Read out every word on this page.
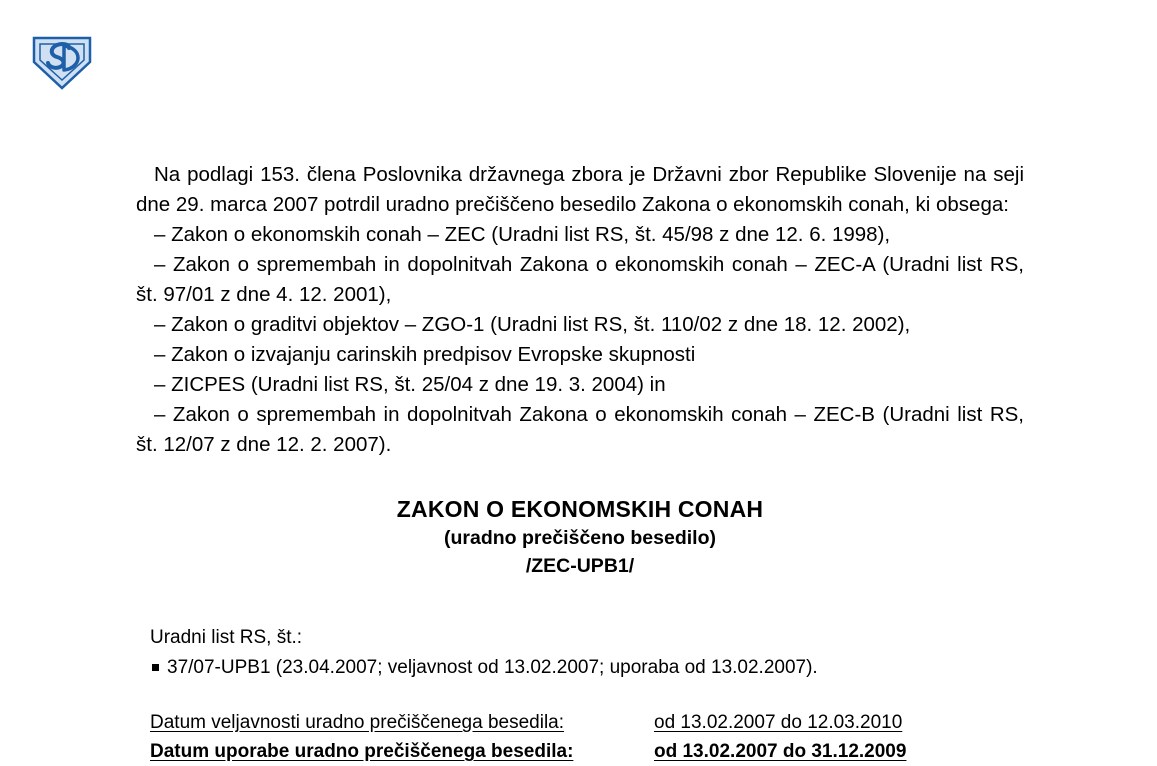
Na podlagi 153. člena Poslovnika državnega zbora je Državni zbor Republike Slovenije na seji dne 29. marca 2007 potrdil uradno prečiščeno besedilo Zakona o ekonomskih conah, ki obsega:

– Zakon o ekonomskih conah – ZEC (Uradni list RS, št. 45/98 z dne 12. 6. 1998),

– Zakon o spremembah in dopolnitvah Zakona o ekonomskih conah – ZEC-A (Uradni list RS, št. 97/01 z dne 4. 12. 2001),

– Zakon o graditvi objektov – ZGO-1 (Uradni list RS, št. 110/02 z dne 18. 12. 2002),

– Zakon o izvajanju carinskih predpisov Evropske skupnosti

– ZICPES (Uradni list RS, št. 25/04 z dne 19. 3. 2004) in

– Zakon o spremembah in dopolnitvah Zakona o ekonomskih conah – ZEC-B (Uradni list RS, št. 12/07 z dne 12. 2. 2007).

ZAKON O EKONOMSKIH CONAH
(uradno prečiščeno besedilo)
/ZEC-UPB1/
Uradni list RS, št.:
37/07-UPB1 (23.04.2007; veljavnost od 13.02.2007; uporaba od 13.02.2007).
Datum veljavnosti uradno prečiščenega besedila:	od 13.02.2007 do 12.03.2010
Datum uporabe uradno prečiščenega besedila:	od 13.02.2007 do 31.12.2009
